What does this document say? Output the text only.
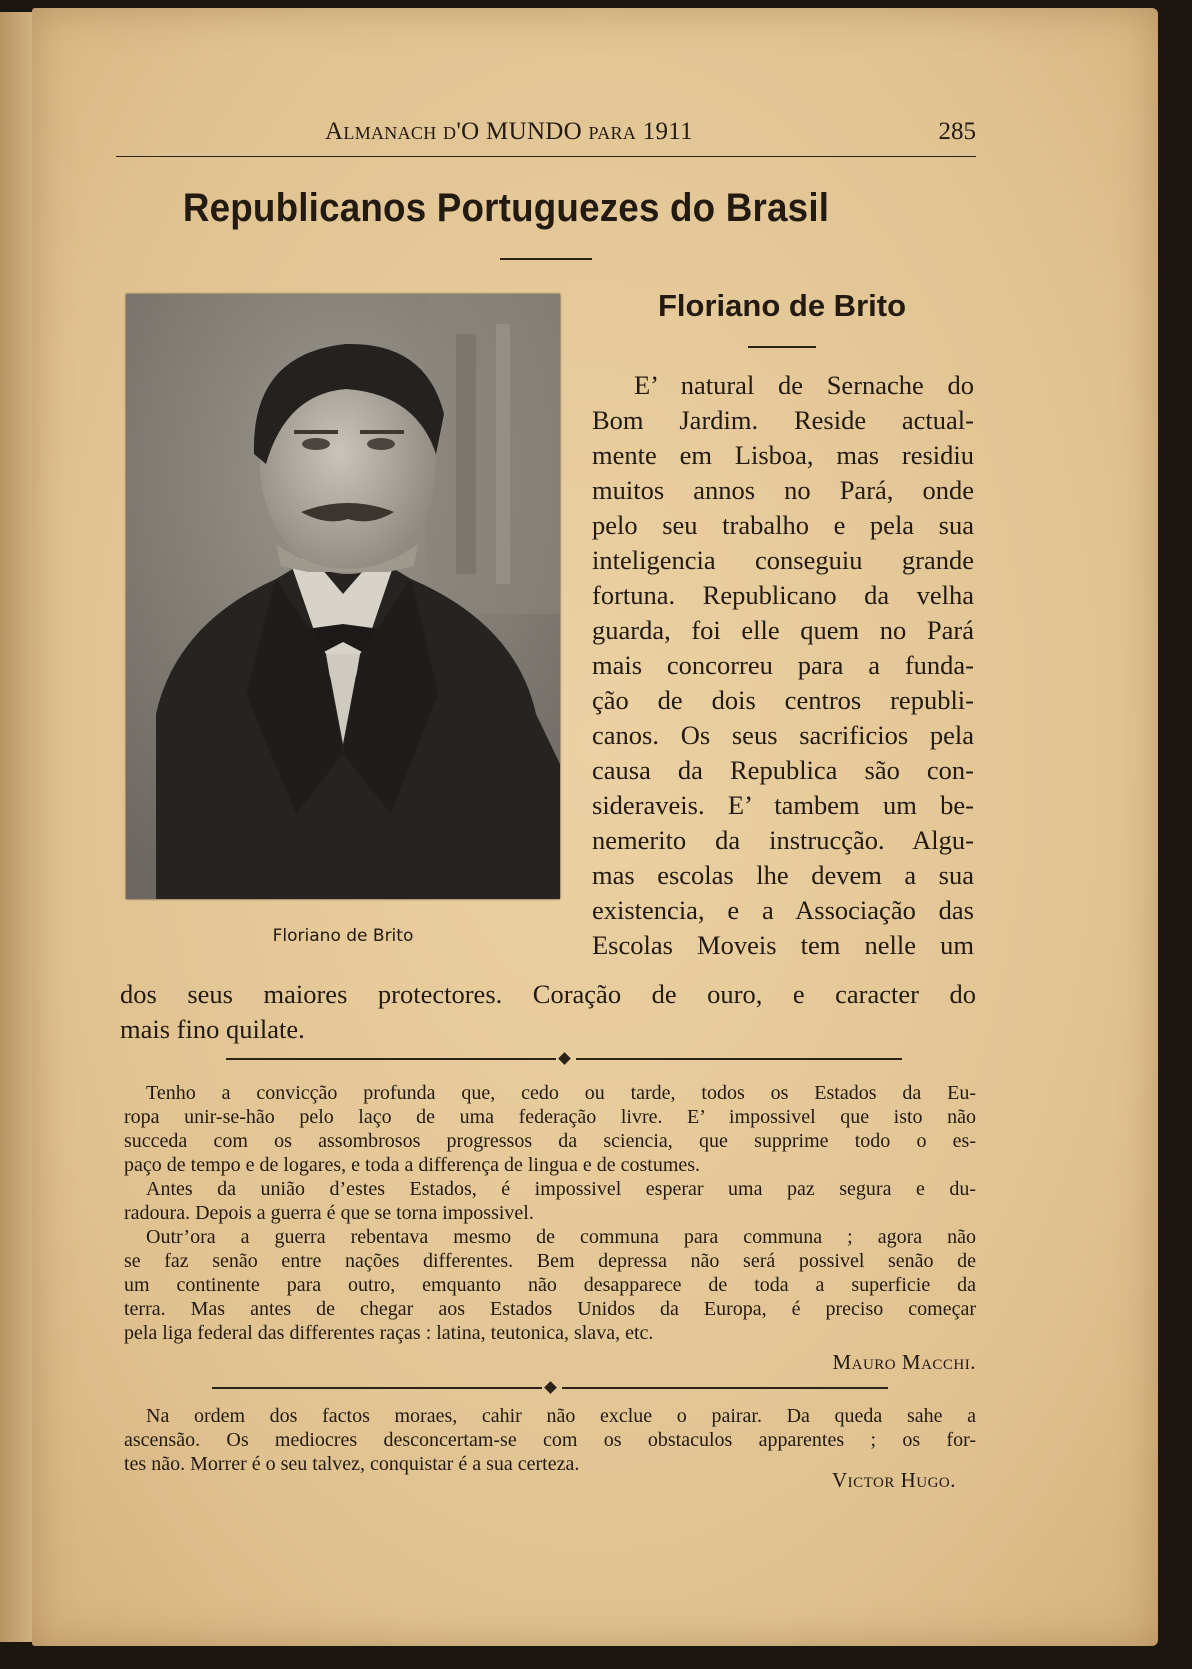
Almanach d'O MUNDO para 1911	285
Republicanos Portuguezes do Brasil
Floriano de Brito
Floriano de Brito
E’ natural de Sernache do
Bom Jardim. Reside actual-
mente em Lisboa, mas residiu
muitos annos no Pará, onde
pelo seu trabalho e pela sua
inteligencia conseguiu grande
fortuna. Republicano da velha
guarda, foi elle quem no Pará
mais concorreu para a funda-
ção de dois centros republi-
canos. Os seus sacrificios pela
causa da Republica são con-
sideraveis. E’ tambem um be-
nemerito da instrucção. Algu-
mas escolas lhe devem a sua
existencia, e a Associação das
Escolas Moveis tem nelle um
dos seus maiores protectores. Coração de ouro, e caracter do
mais fino quilate.
Tenho a convicção profunda que, cedo ou tarde, todos os Estados da Eu-
ropa unir-se-hão pelo laço de uma federação livre. E’ impossivel que isto não
succeda com os assombrosos progressos da sciencia, que supprime todo o es-
paço de tempo e de logares, e toda a differença de lingua e de costumes.
Antes da união d’estes Estados, é impossivel esperar uma paz segura e du-
radoura. Depois a guerra é que se torna impossivel.
Outr’ora a guerra rebentava mesmo de communa para communa ; agora não
se faz senão entre nações differentes. Bem depressa não será possivel senão de
um continente para outro, emquanto não desapparece de toda a superficie da
terra. Mas antes de chegar aos Estados Unidos da Europa, é preciso começar
pela liga federal das differentes raças : latina, teutonica, slava, etc.
Mauro Macchi.
Na ordem dos factos moraes, cahir não exclue o pairar. Da queda sahe a
ascensão. Os mediocres desconcertam-se com os obstaculos apparentes ; os for-
tes não. Morrer é o seu talvez, conquistar é a sua certeza.
Victor Hugo.
